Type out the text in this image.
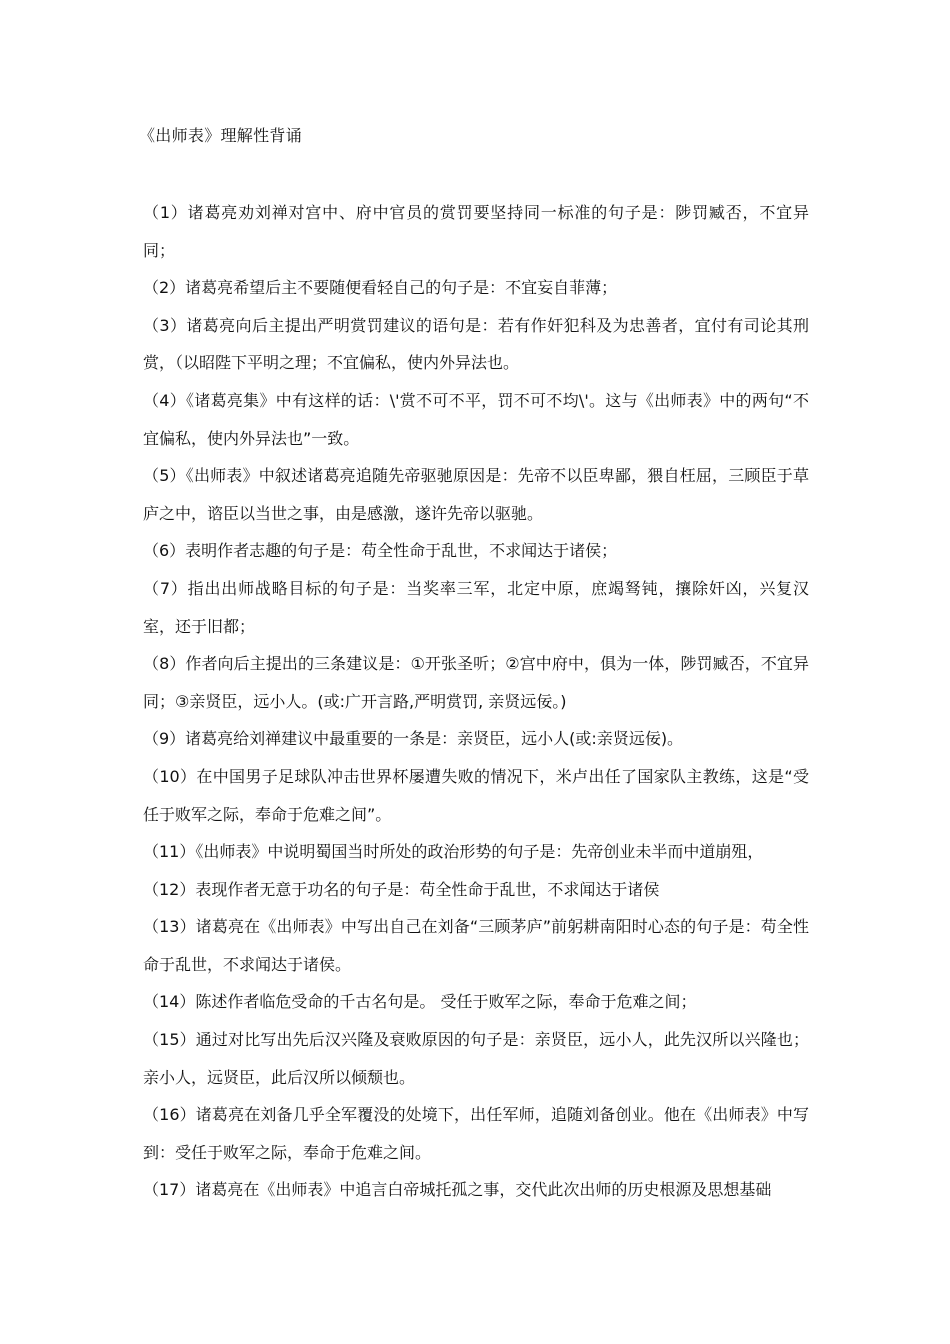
《出师表》理解性背诵

（1）诸葛亮劝刘禅对宫中、府中官员的赏罚要坚持同一标准的句子是：陟罚臧否，不宜异同；

（2）诸葛亮希望后主不要随便看轻自己的句子是：不宜妄自菲薄；

（3）诸葛亮向后主提出严明赏罚建议的语句是：若有作奸犯科及为忠善者，宜付有司论其刑赏，（以昭陛下平明之理；不宜偏私，使内外异法也。

（4）《诸葛亮集》中有这样的话：\'赏不可不平，罚不可不均\'。这与《出师表》中的两句“不宜偏私，使内外异法也”一致。

（5）《出师表》中叙述诸葛亮追随先帝驱驰原因是：先帝不以臣卑鄙，猥自枉屈，三顾臣于草庐之中，谘臣以当世之事，由是感激，遂许先帝以驱驰。

（6）表明作者志趣的句子是：苟全性命于乱世，不求闻达于诸侯；

（7）指出出师战略目标的句子是：当奖率三军，北定中原，庶竭驽钝，攘除奸凶，兴复汉室，还于旧都；

（8）作者向后主提出的三条建议是：①开张圣听；②宫中府中，俱为一体，陟罚臧否，不宜异同；③亲贤臣，远小人。(或:广开言路,严明赏罚, 亲贤远佞。)

（9）诸葛亮给刘禅建议中最重要的一条是：亲贤臣，远小人(或:亲贤远佞)。

（10）在中国男子足球队冲击世界杯屡遭失败的情况下，米卢出任了国家队主教练，这是“受任于败军之际，奉命于危难之间”。

（11）《出师表》中说明蜀国当时所处的政治形势的句子是：先帝创业未半而中道崩殂，

（12）表现作者无意于功名的句子是：苟全性命于乱世，不求闻达于诸侯

（13）诸葛亮在《出师表》中写出自己在刘备“三顾茅庐”前躬耕南阳时心态的句子是：苟全性命于乱世，不求闻达于诸侯。

（14）陈述作者临危受命的千古名句是。 受任于败军之际，奉命于危难之间；

（15）通过对比写出先后汉兴隆及衰败原因的句子是：亲贤臣，远小人，此先汉所以兴隆也；亲小人，远贤臣，此后汉所以倾颓也。

（16）诸葛亮在刘备几乎全军覆没的处境下，出任军师，追随刘备创业。他在《出师表》中写到：受任于败军之际，奉命于危难之间。

（17）诸葛亮在《出师表》中追言白帝城托孤之事，交代此次出师的历史根源及思想基础
